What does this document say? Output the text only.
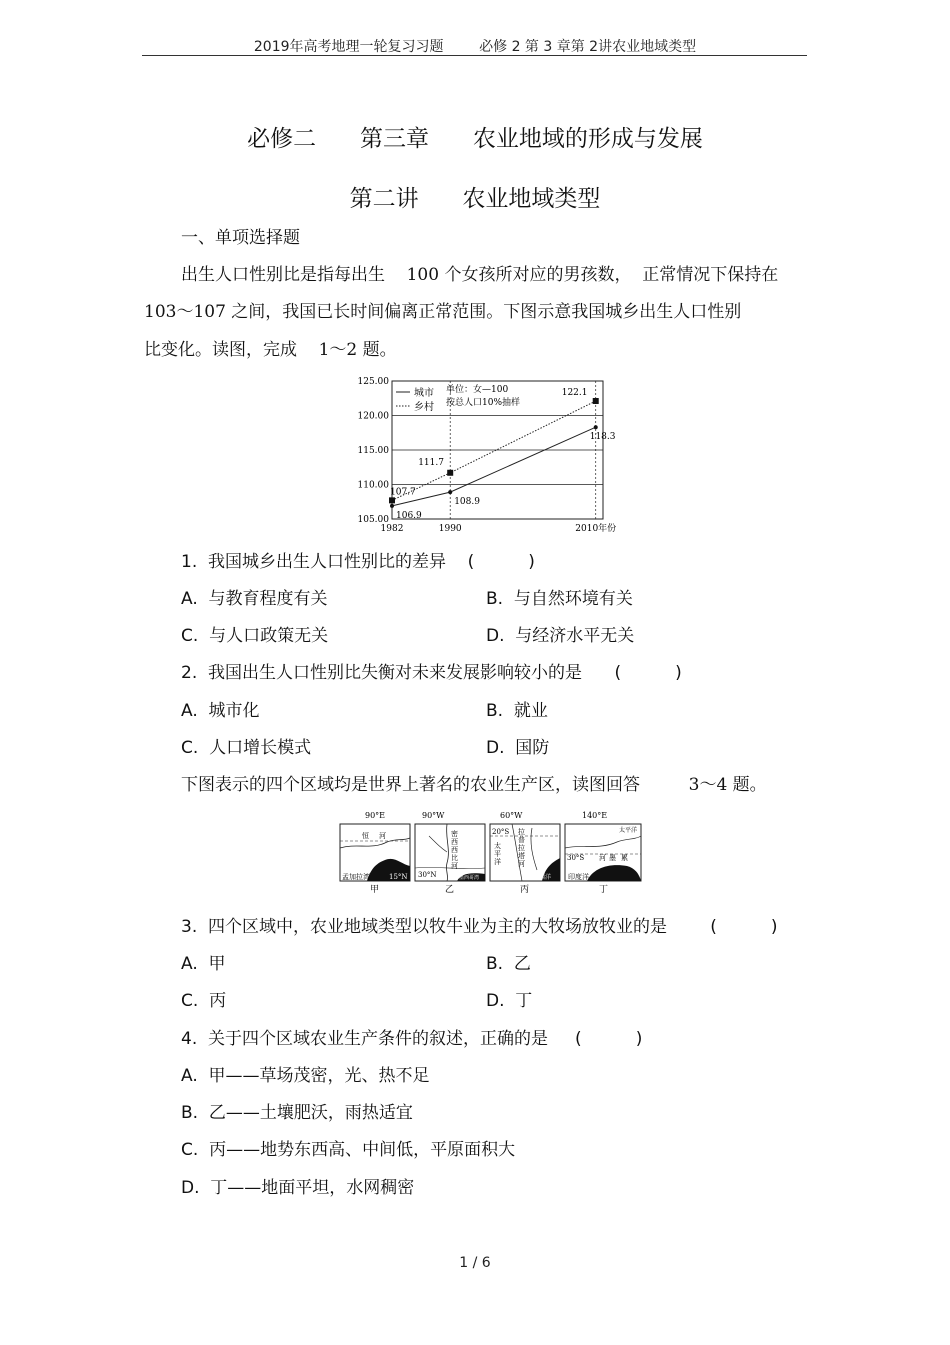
2019年高考地理一轮复习习题        必修 2 第 3 章第 2讲农业地域类型
必修二      第三章      农业地域的形成与发展
第二讲      农业地域类型
一、单项选择题
出生人口性别比是指每出生    100 个女孩所对应的男孩数，  正常情况下保持在
103～107 之间，我国已长时间偏离正常范围。下图示意我国城乡出生人口性别
比变化。读图，完成    1～2 题。
125.00
120.00
115.00
110.00
105.00
城市
乡村
单位：女—100
按总人口10%抽样
1982	1990	2010年份
106.9
108.9
118.3
107.7
111.7
122.1
1.  我国城乡出生人口性别比的差异    (          )
A.  与教育程度有关	B.  与自然环境有关
C.  与人口政策无关	D.  与经济水平无关
2.  我国出生人口性别比失衡对未来发展影响较小的是      (          )
A.  城市化	B.  就业
C.  人口增长模式	D.  国防
下图表示的四个区域均是世界上著名的农业生产区，读图回答         3～4 题。
90°E
恒 河
孟加拉湾	15°N
甲
90°W
密
西
西
比
河
30°N	墨西哥湾
乙
60°W
20°S 拉
普
拉
塔
河
太
平
洋
大西洋
丙
140°E
太平洋
30°S 河 墨 累
印度洋
丁
3.  四个区域中，农业地域类型以牧牛业为主的大牧场放牧业的是        (          )
A.  甲	B.  乙
C.  丙	D.  丁
4.  关于四个区域农业生产条件的叙述，正确的是     (          )
A.  甲——草场茂密，光、热不足
B.  乙——土壤肥沃，雨热适宜
C.  丙——地势东西高、中间低，平原面积大
D.  丁——地面平坦，水网稠密
1 / 6
